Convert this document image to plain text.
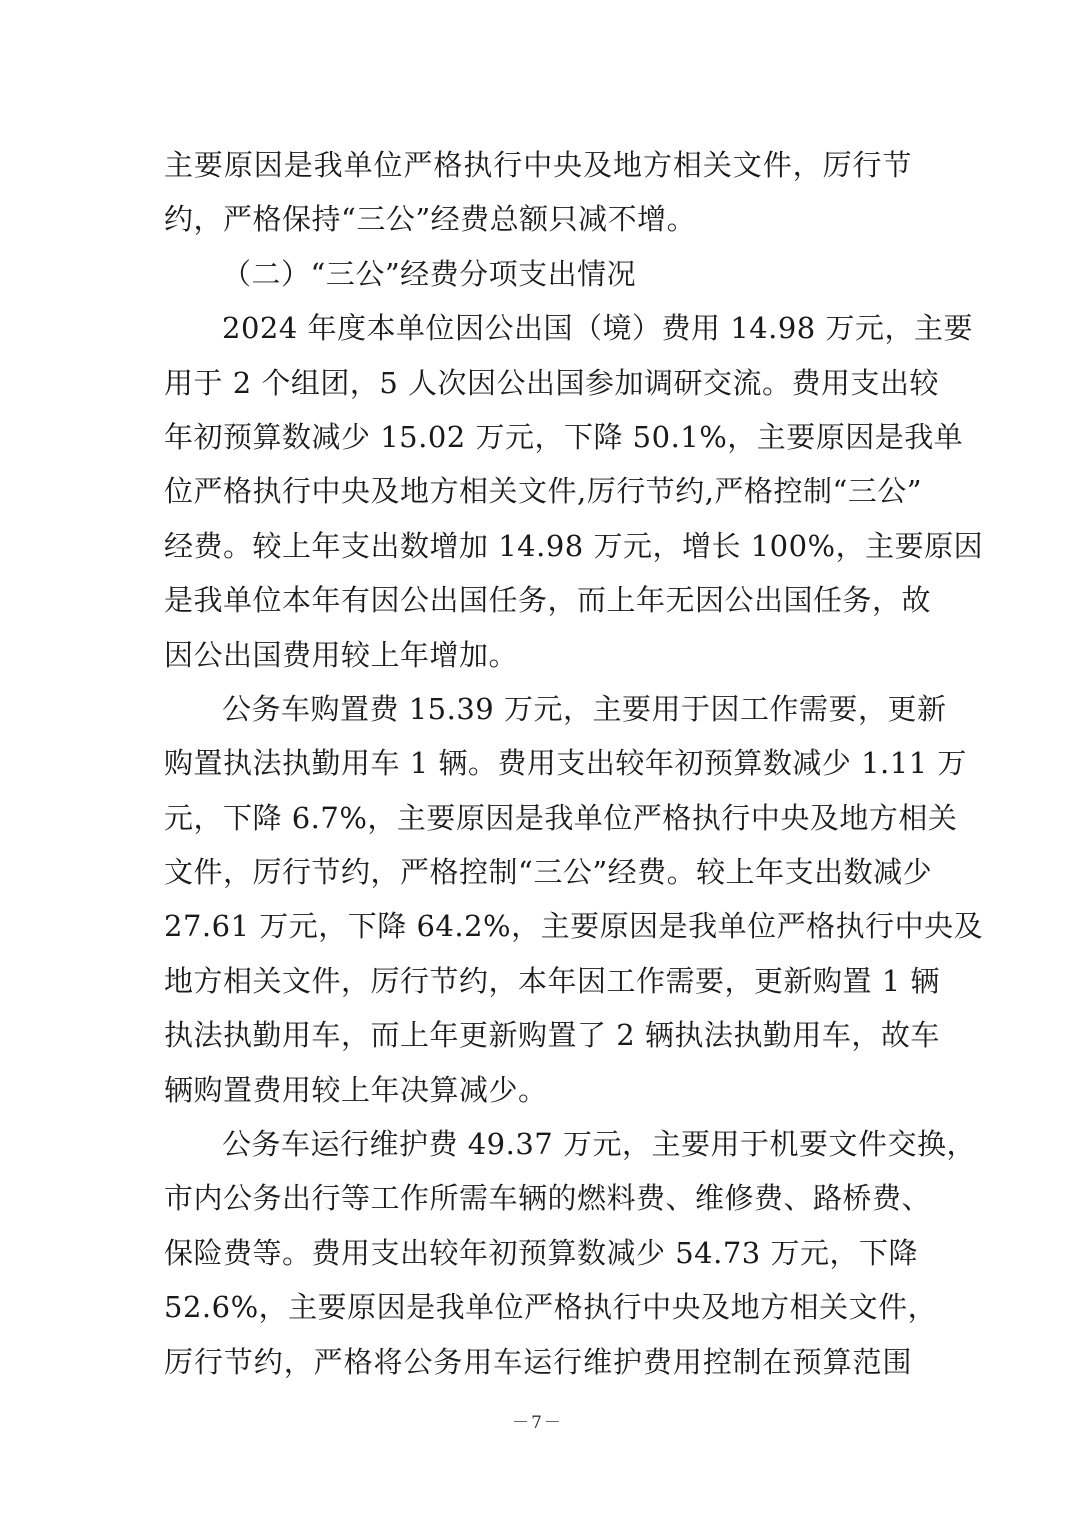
主要原因是我单位严格执行中央及地方相关文件，厉行节
约，严格保持“三公”经费总额只减不增。
（二）“三公”经费分项支出情况
2024 年度本单位因公出国（境）费用 14.98 万元，主要
用于 2 个组团，5 人次因公出国参加调研交流。费用支出较
年初预算数减少 15.02 万元，下降 50.1%，主要原因是我单
位严格执行中央及地方相关文件,厉行节约,严格控制“三公”
经费。较上年支出数增加 14.98 万元，增长 100%，主要原因
是我单位本年有因公出国任务，而上年无因公出国任务，故
因公出国费用较上年增加。
公务车购置费 15.39 万元，主要用于因工作需要，更新
购置执法执勤用车 1 辆。费用支出较年初预算数减少 1.11 万
元，下降 6.7%，主要原因是我单位严格执行中央及地方相关
文件，厉行节约，严格控制“三公”经费。较上年支出数减少
27.61 万元，下降 64.2%，主要原因是我单位严格执行中央及
地方相关文件，厉行节约，本年因工作需要，更新购置 1 辆
执法执勤用车，而上年更新购置了 2 辆执法执勤用车，故车
辆购置费用较上年决算减少。
公务车运行维护费 49.37 万元，主要用于机要文件交换，
市内公务出行等工作所需车辆的燃料费、维修费、路桥费、
保险费等。费用支出较年初预算数减少 54.73 万元，下降
52.6%，主要原因是我单位严格执行中央及地方相关文件，
厉行节约，严格将公务用车运行维护费用控制在预算范围
－7－
